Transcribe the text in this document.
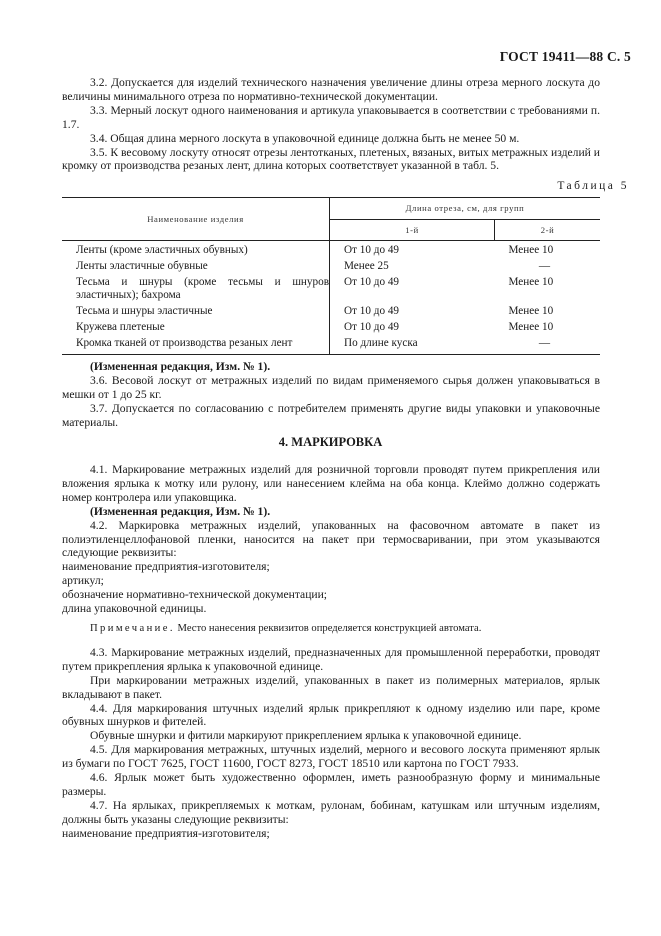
ГОСТ 19411—88 С. 5

3.2. Допускается для изделий технического назначения увеличение длины отреза мерного лоскута до величины минимального отреза по нормативно-технической документации.

3.3. Мерный лоскут одного наименования и артикула упаковывается в соответствии с требованиями п. 1.7.

3.4. Общая длина мерного лоскута в упаковочной единице должна быть не менее 50 м.

3.5. К весовому лоскуту относят отрезы лентотканых, плетеных, вязаных, витых метражных изделий и кромку от производства резаных лент, длина которых соответствует указанной в табл. 5.

Таблица 5
Наименование изделия	Длина отреза, см, для групп	
	1-й	2-й
Ленты (кроме эластичных обувных)	От 10 до 49	Менее 10
Ленты эластичные обувные	Менее 25	—

Тесьма и шнуры (кроме тесьмы и шнуров эластичных); бахрома	От 10 до 49	Менее 10
Тесьма и шнуры эластичные	От 10 до 49	Менее 10
Кружева плетеные	От 10 до 49	Менее 10
Кромка тканей от производства резаных лент	По длине куска	—

(Измененная редакция, Изм. № 1).

3.6. Весовой лоскут от метражных изделий по видам применяемого сырья должен упаковываться в мешки от 1 до 25 кг.

3.7. Допускается по согласованию с потребителем применять другие виды упаковки и упаковочные материалы.

4. МАРКИРОВКА

4.1. Маркирование метражных изделий для розничной торговли проводят путем прикрепления или вложения ярлыка к мотку или рулону, или нанесением клейма на оба конца. Клеймо должно содержать номер контролера или упаковщика.

(Измененная редакция, Изм. № 1).

4.2. Маркировка метражных изделий, упакованных на фасовочном автомате в пакет из полиэтиленцеллофановой пленки, наносится на пакет при термосваривании, при этом указываются следующие реквизиты:

наименование предприятия-изготовителя;

артикул;

обозначение нормативно-технической документации;

длина упаковочной единицы.

Примечание. Место нанесения реквизитов определяется конструкцией автомата.

4.3. Маркирование метражных изделий, предназначенных для промышленной переработки, проводят путем прикрепления ярлыка к упаковочной единице.

При маркировании метражных изделий, упакованных в пакет из полимерных материалов, ярлык вкладывают в пакет.

4.4. Для маркирования штучных изделий ярлык прикрепляют к одному изделию или паре, кроме обувных шнурков и фителей.

Обувные шнурки и фитили маркируют прикреплением ярлыка к упаковочной единице.

4.5. Для маркирования метражных, штучных изделий, мерного и весового лоскута применяют ярлык из бумаги по ГОСТ 7625, ГОСТ 11600, ГОСТ 8273, ГОСТ 18510 или картона по ГОСТ 7933.

4.6. Ярлык может быть художественно оформлен, иметь разнообразную форму и минимальные размеры.

4.7. На ярлыках, прикрепляемых к моткам, рулонам, бобинам, катушкам или штучным изделиям, должны быть указаны следующие реквизиты:

наименование предприятия-изготовителя;
